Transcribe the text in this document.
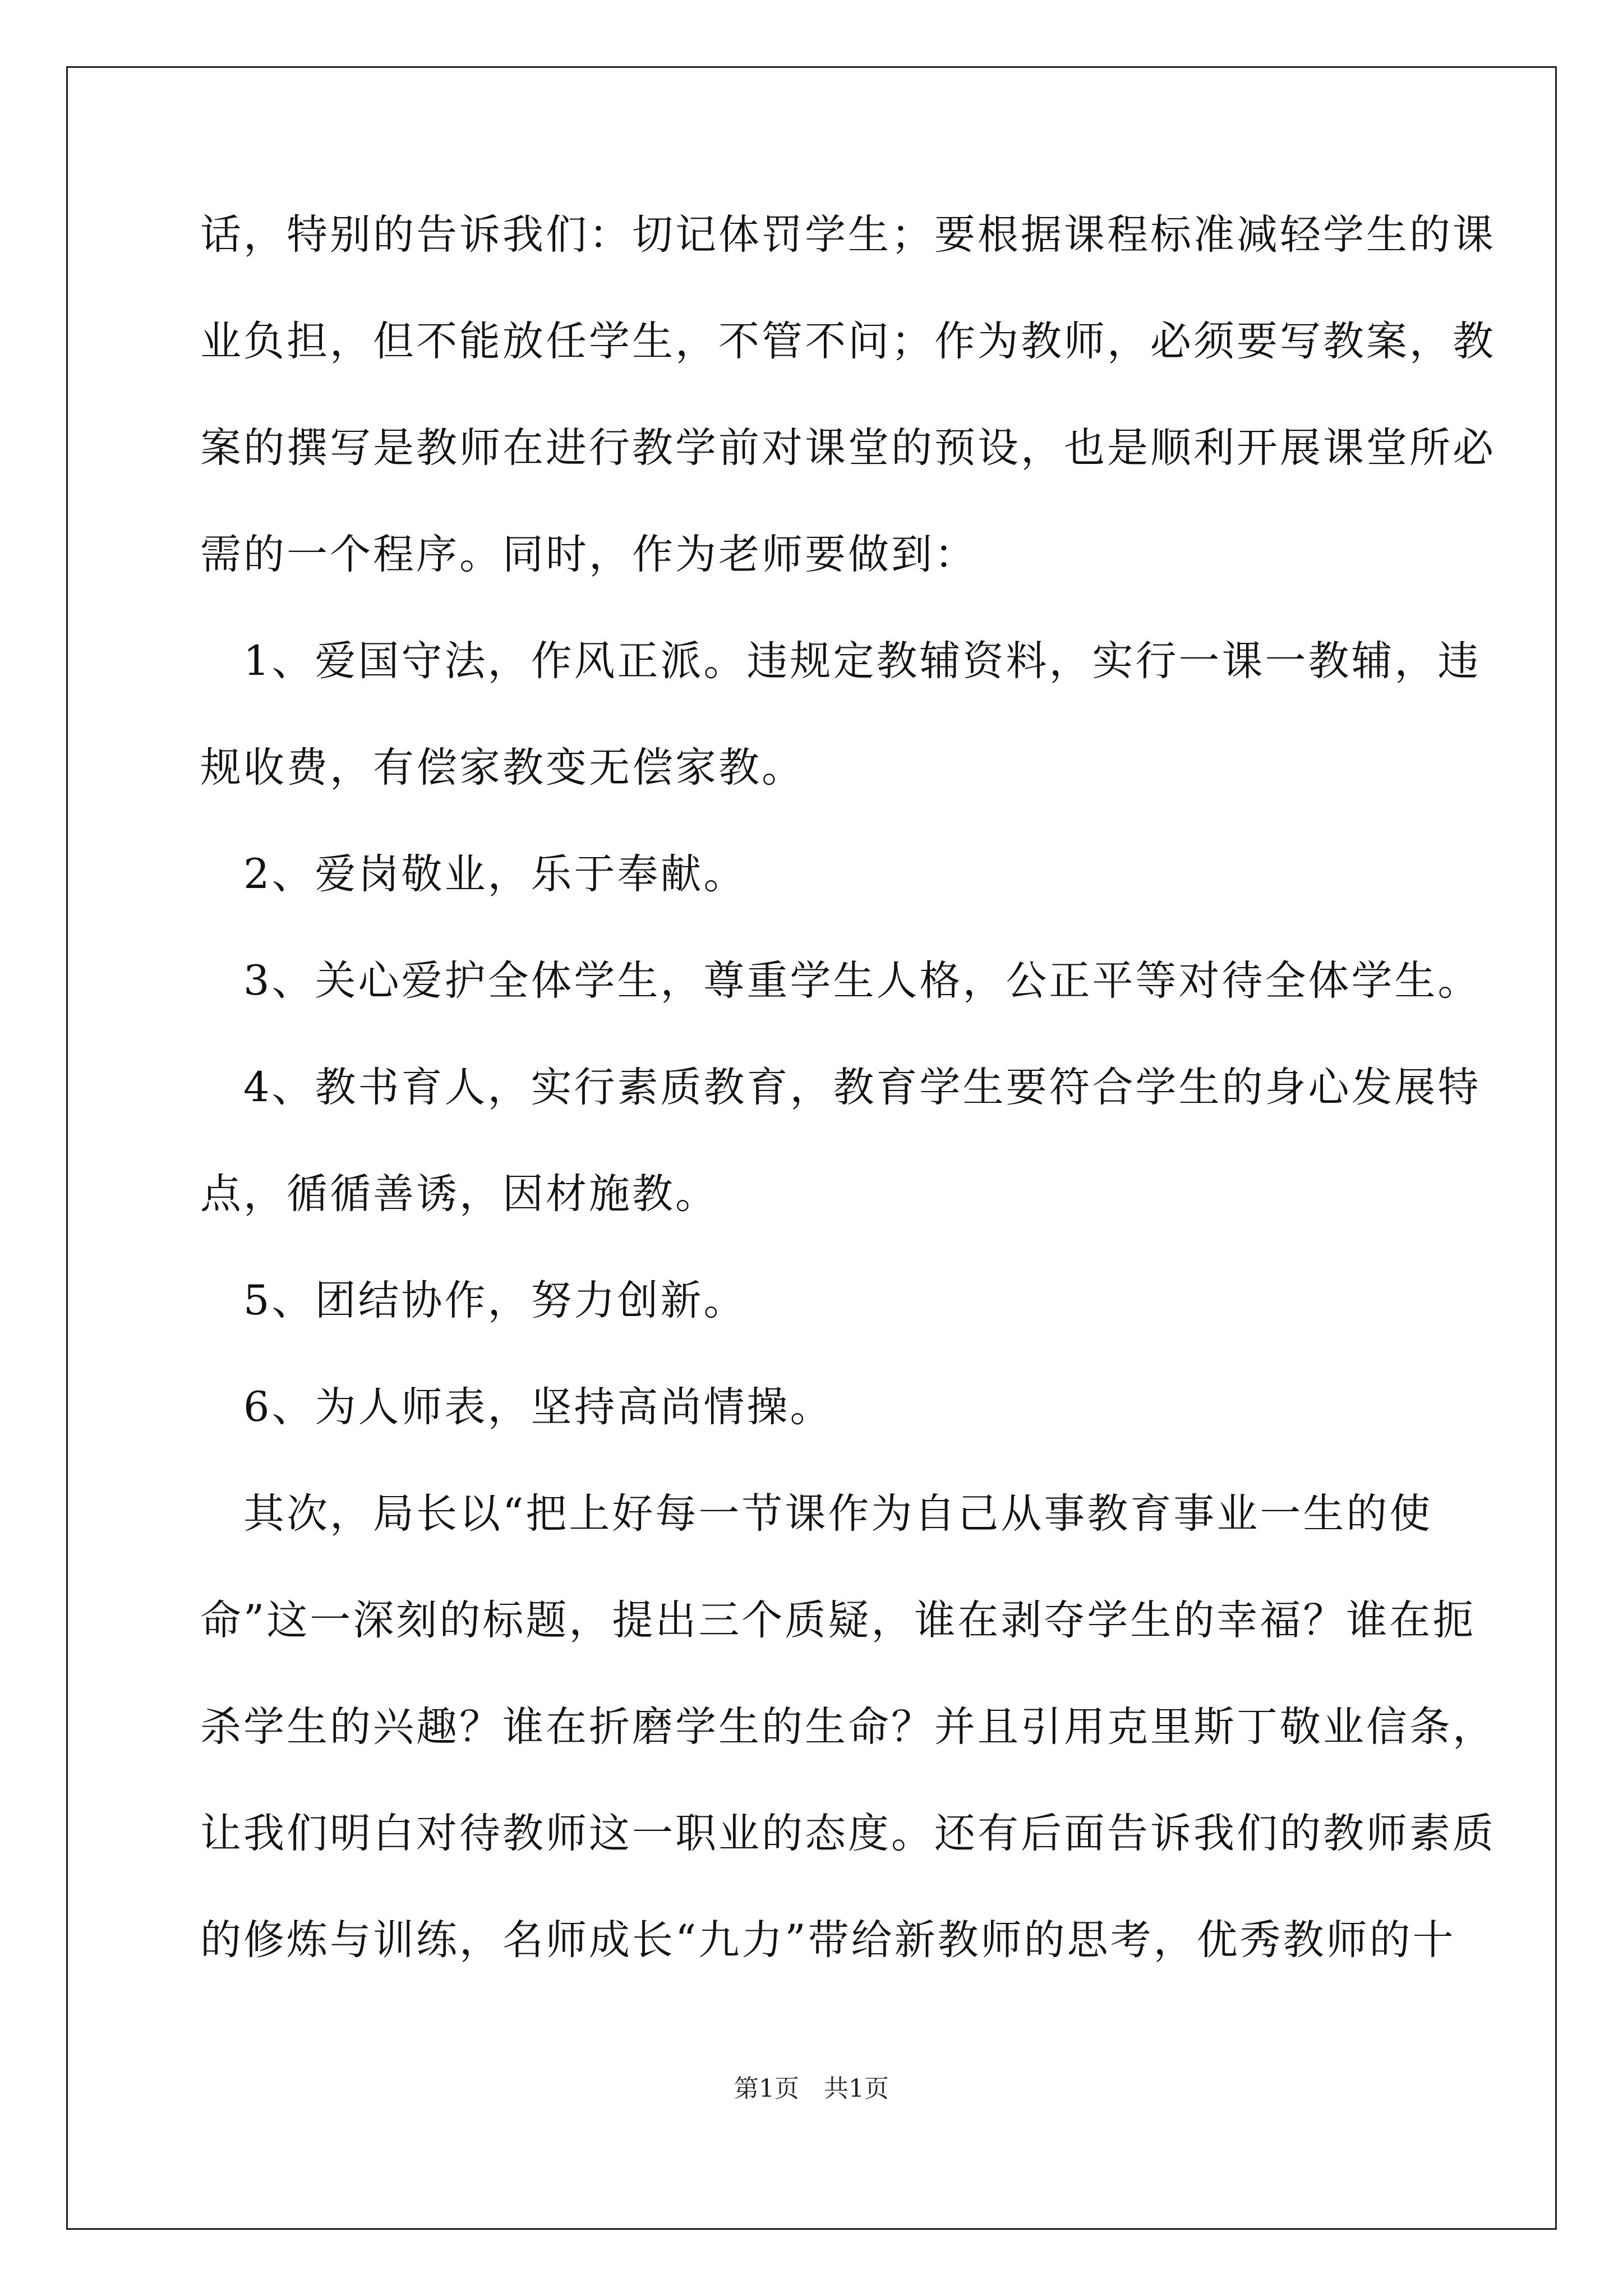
话，特别的告诉我们：切记体罚学生；要根据课程标准减轻学生的课
业负担，但不能放任学生，不管不问；作为教师，必须要写教案，教
案的撰写是教师在进行教学前对课堂的预设，也是顺利开展课堂所必
需的一个程序。同时，作为老师要做到：
　1、爱国守法，作风正派。违规定教辅资料，实行一课一教辅，违
规收费，有偿家教变无偿家教。
　2、爱岗敬业，乐于奉献。
　3、关心爱护全体学生，尊重学生人格，公正平等对待全体学生。
　4、教书育人，实行素质教育，教育学生要符合学生的身心发展特
点，循循善诱，因材施教。
　5、团结协作，努力创新。
　6、为人师表，坚持高尚情操。
　其次，局长以“把上好每一节课作为自己从事教育事业一生的使
命”这一深刻的标题，提出三个质疑，谁在剥夺学生的幸福？谁在扼
杀学生的兴趣？谁在折磨学生的生命？并且引用克里斯丁敬业信条，
让我们明白对待教师这一职业的态度。还有后面告诉我们的教师素质
的修炼与训练，名师成长“九力”带给新教师的思考，优秀教师的十
第1页　共1页
